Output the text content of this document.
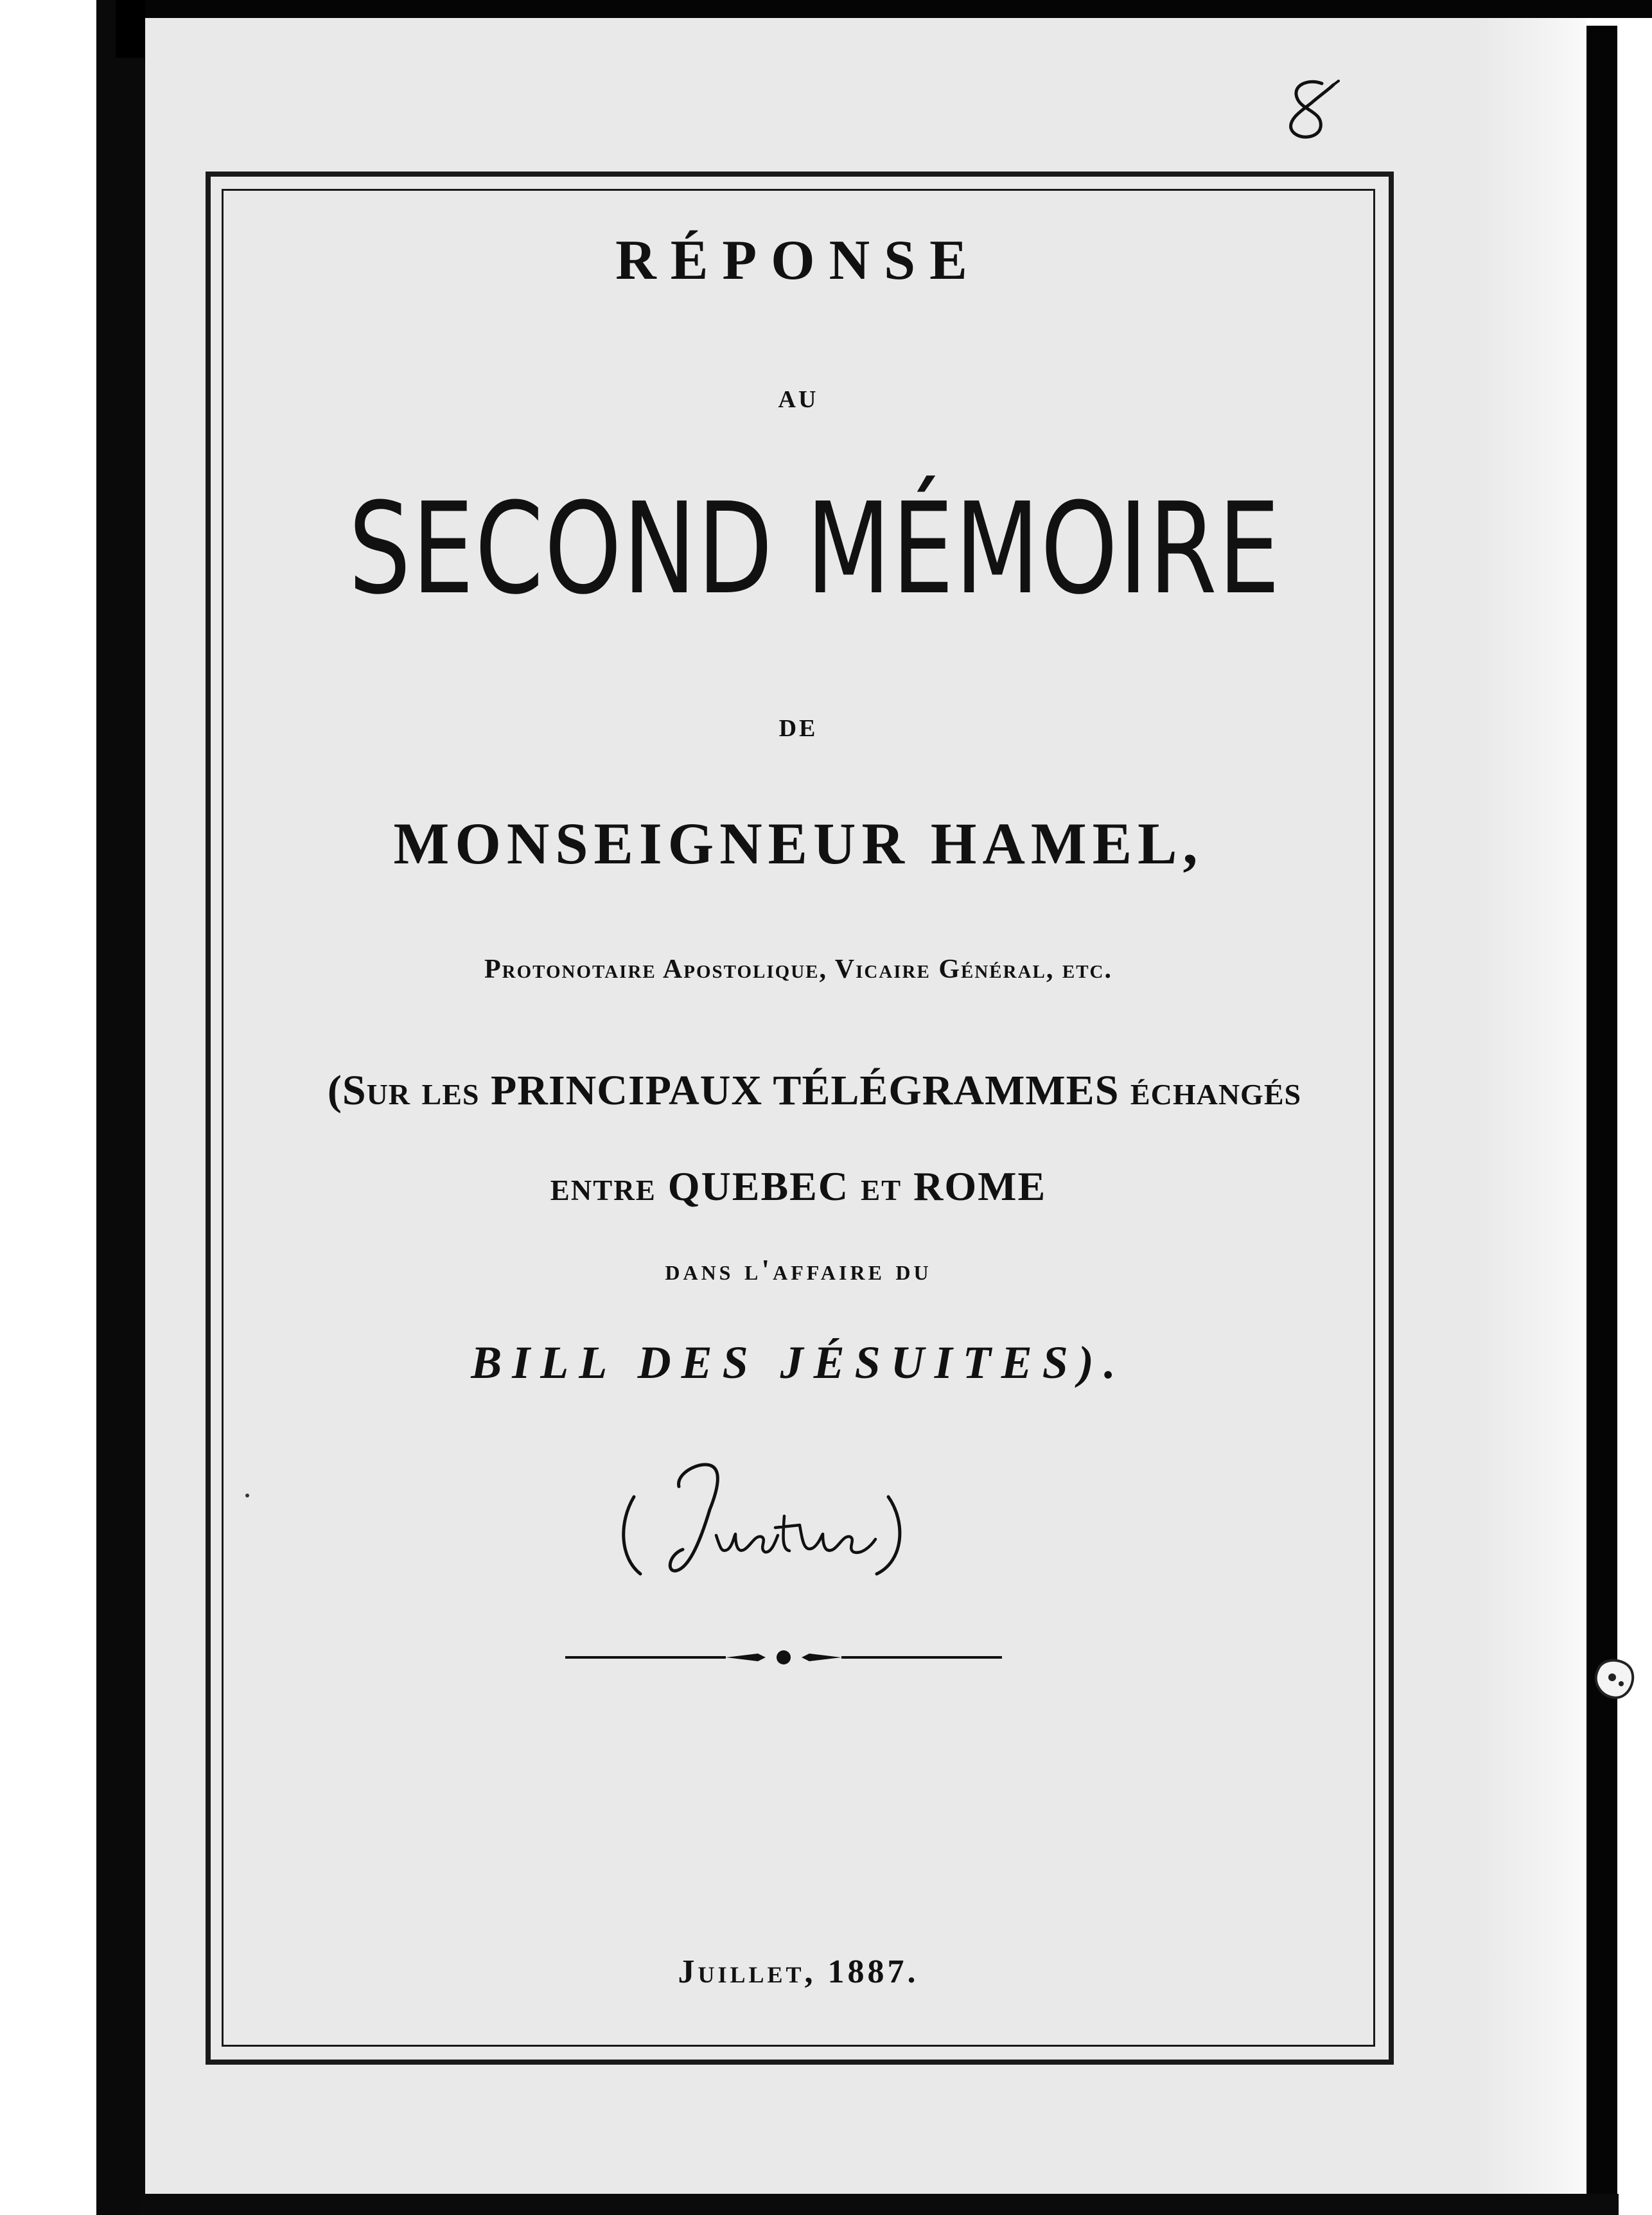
RÉPONSE

AU

SECOND MÉMOIRE

DE

MONSEIGNEUR HAMEL,

Protonotaire Apostolique, Vicaire Général, etc.

(Sur les PRINCIPAUX TÉLÉGRAMMES échangés

entre QUEBEC et ROME

dans l'affaire du

BILL DES JÉSUITES).

Juillet, 1887.
